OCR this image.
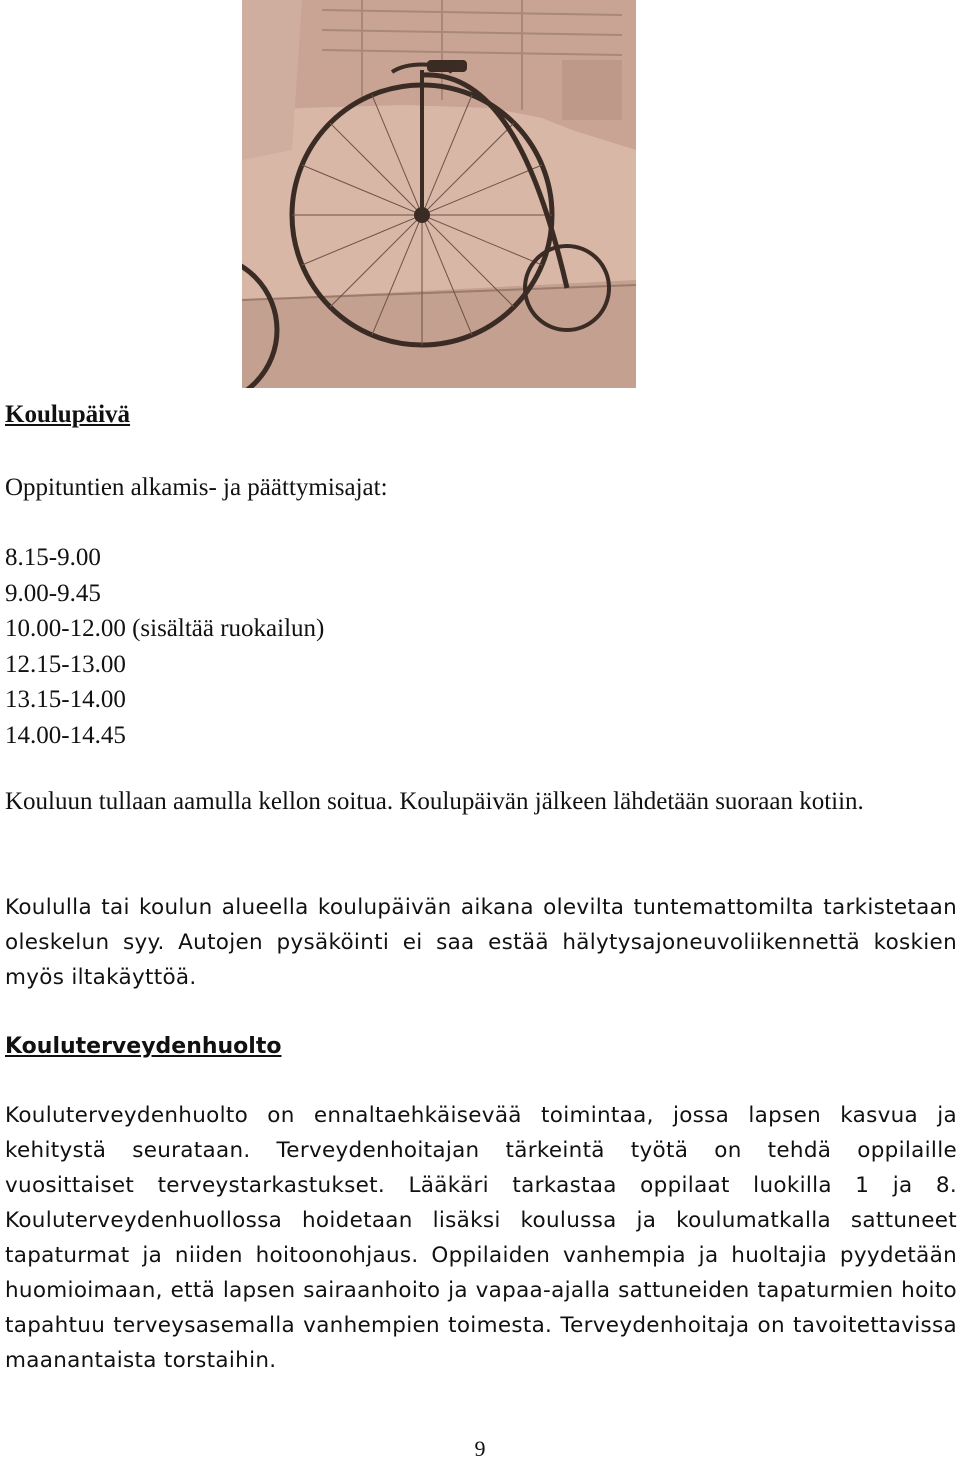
Koulupäivä

Oppituntien alkamis- ja päättymisajat:

8.15-9.00
9.00-9.45
10.00-12.00 (sisältää ruokailun)
12.15-13.00
13.15-14.00
14.00-14.45

Kouluun tullaan aamulla kellon soitua. Koulupäivän jälkeen lähdetään suoraan kotiin.

Koululla tai koulun alueella koulupäivän aikana olevilta tuntemattomilta tarkistetaan oleskelun syy. Autojen pysäköinti ei saa estää hälytysajoneuvoliikennettä koskien myös iltakäyttöä.

Kouluterveydenhuolto

Kouluterveydenhuolto on ennaltaehkäisevää toimintaa, jossa lapsen kasvua ja kehitystä seurataan. Terveydenhoitajan tärkeintä työtä on tehdä oppilaille vuosittaiset terveystarkastukset. Lääkäri tarkastaa oppilaat luokilla 1 ja 8. Kouluterveydenhuollossa hoidetaan lisäksi koulussa ja koulumatkalla sattuneet tapaturmat ja niiden hoitoonohjaus. Oppilaiden vanhempia ja huoltajia pyydetään huomioimaan, että lapsen sairaanhoito ja vapaa-ajalla sattuneiden tapaturmien hoito tapahtuu terveysasemalla vanhempien toimesta. Terveydenhoitaja on tavoitettavissa maanantaista torstaihin.

9
